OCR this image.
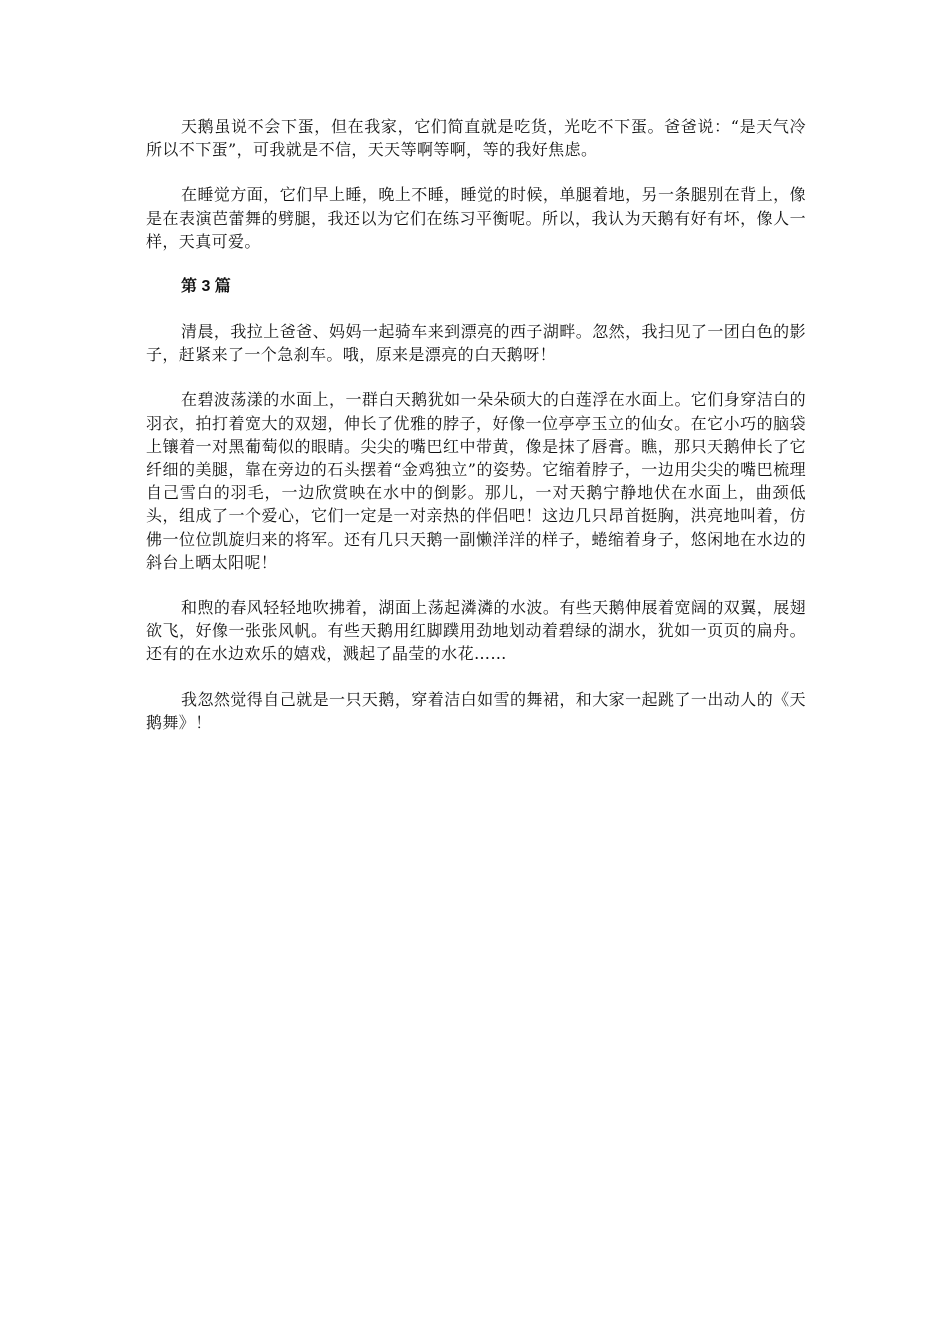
天鹅虽说不会下蛋，但在我家，它们简直就是吃货，光吃不下蛋。爸爸说：“是天气冷所以不下蛋”，可我就是不信，天天等啊等啊，等的我好焦虑。

在睡觉方面，它们早上睡，晚上不睡，睡觉的时候，单腿着地，另一条腿别在背上，像是在表演芭蕾舞的劈腿，我还以为它们在练习平衡呢。所以，我认为天鹅有好有坏，像人一样，天真可爱。

第 3 篇

清晨，我拉上爸爸、妈妈一起骑车来到漂亮的西子湖畔。忽然，我扫见了一团白色的影子，赶紧来了一个急刹车。哦，原来是漂亮的白天鹅呀！

在碧波荡漾的水面上，一群白天鹅犹如一朵朵硕大的白莲浮在水面上。它们身穿洁白的羽衣，拍打着宽大的双翅，伸长了优雅的脖子，好像一位亭亭玉立的仙女。在它小巧的脑袋上镶着一对黑葡萄似的眼睛。尖尖的嘴巴红中带黄，像是抹了唇膏。瞧，那只天鹅伸长了它纤细的美腿，靠在旁边的石头摆着“金鸡独立”的姿势。它缩着脖子，一边用尖尖的嘴巴梳理自己雪白的羽毛，一边欣赏映在水中的倒影。那儿，一对天鹅宁静地伏在水面上，曲颈低头，组成了一个爱心，它们一定是一对亲热的伴侣吧！这边几只昂首挺胸，洪亮地叫着，仿佛一位位凯旋归来的将军。还有几只天鹅一副懒洋洋的样子，蜷缩着身子，悠闲地在水边的斜台上晒太阳呢！

和煦的春风轻轻地吹拂着，湖面上荡起潾潾的水波。有些天鹅伸展着宽阔的双翼，展翅欲飞，好像一张张风帆。有些天鹅用红脚蹼用劲地划动着碧绿的湖水，犹如一页页的扁舟。还有的在水边欢乐的嬉戏，溅起了晶莹的水花……

我忽然觉得自己就是一只天鹅，穿着洁白如雪的舞裙，和大家一起跳了一出动人的《天鹅舞》！
